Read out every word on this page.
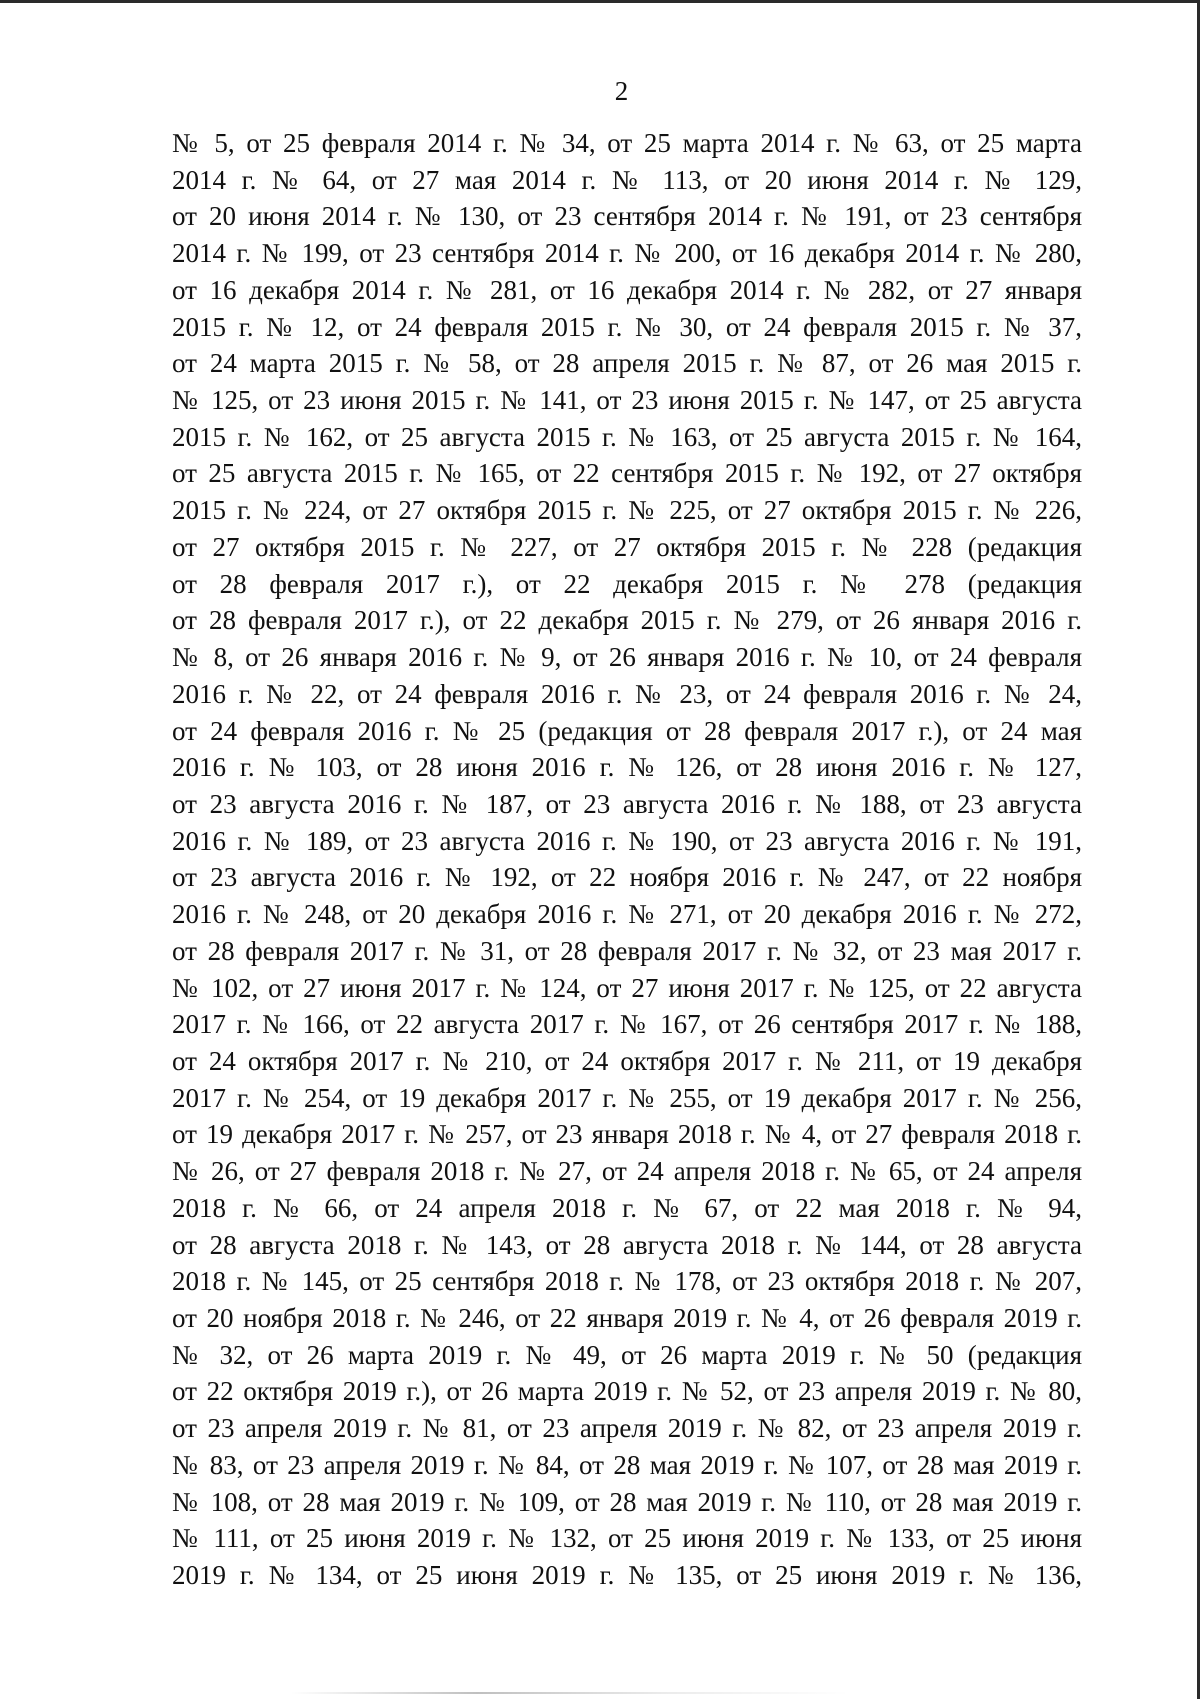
2
№ 5, от 25 февраля 2014 г. № 34, от 25 марта 2014 г. № 63, от 25 марта
2014 г. № 64, от 27 мая 2014 г. № 113, от 20 июня 2014 г. № 129,
от 20 июня 2014 г. № 130, от 23 сентября 2014 г. № 191, от 23 сентября
2014 г. № 199, от 23 сентября 2014 г. № 200, от 16 декабря 2014 г. № 280,
от 16 декабря 2014 г. № 281, от 16 декабря 2014 г. № 282, от 27 января
2015 г. № 12, от 24 февраля 2015 г. № 30, от 24 февраля 2015 г. № 37,
от 24 марта 2015 г. № 58, от 28 апреля 2015 г. № 87, от 26 мая 2015 г.
№ 125, от 23 июня 2015 г. № 141, от 23 июня 2015 г. № 147, от 25 августа
2015 г. № 162, от 25 августа 2015 г. № 163, от 25 августа 2015 г. № 164,
от 25 августа 2015 г. № 165, от 22 сентября 2015 г. № 192, от 27 октября
2015 г. № 224, от 27 октября 2015 г. № 225, от 27 октября 2015 г. № 226,
от 27 октября 2015 г. № 227, от 27 октября 2015 г. № 228 (редакция
от 28 февраля 2017 г.), от 22 декабря 2015 г. № 278 (редакция
от 28 февраля 2017 г.), от 22 декабря 2015 г. № 279, от 26 января 2016 г.
№ 8, от 26 января 2016 г. № 9, от 26 января 2016 г. № 10, от 24 февраля
2016 г. № 22, от 24 февраля 2016 г. № 23, от 24 февраля 2016 г. № 24,
от 24 февраля 2016 г. № 25 (редакция от 28 февраля 2017 г.), от 24 мая
2016 г. № 103, от 28 июня 2016 г. № 126, от 28 июня 2016 г. № 127,
от 23 августа 2016 г. № 187, от 23 августа 2016 г. № 188, от 23 августа
2016 г. № 189, от 23 августа 2016 г. № 190, от 23 августа 2016 г. № 191,
от 23 августа 2016 г. № 192, от 22 ноября 2016 г. № 247, от 22 ноября
2016 г. № 248, от 20 декабря 2016 г. № 271, от 20 декабря 2016 г. № 272,
от 28 февраля 2017 г. № 31, от 28 февраля 2017 г. № 32, от 23 мая 2017 г.
№ 102, от 27 июня 2017 г. № 124, от 27 июня 2017 г. № 125, от 22 августа
2017 г. № 166, от 22 августа 2017 г. № 167, от 26 сентября 2017 г. № 188,
от 24 октября 2017 г. № 210, от 24 октября 2017 г. № 211, от 19 декабря
2017 г. № 254, от 19 декабря 2017 г. № 255, от 19 декабря 2017 г. № 256,
от 19 декабря 2017 г. № 257, от 23 января 2018 г. № 4, от 27 февраля 2018 г.
№ 26, от 27 февраля 2018 г. № 27, от 24 апреля 2018 г. № 65, от 24 апреля
2018 г. № 66, от 24 апреля 2018 г. № 67, от 22 мая 2018 г. № 94,
от 28 августа 2018 г. № 143, от 28 августа 2018 г. № 144, от 28 августа
2018 г. № 145, от 25 сентября 2018 г. № 178, от 23 октября 2018 г. № 207,
от 20 ноября 2018 г. № 246, от 22 января 2019 г. № 4, от 26 февраля 2019 г.
№ 32, от 26 марта 2019 г. № 49, от 26 марта 2019 г. № 50 (редакция
от 22 октября 2019 г.), от 26 марта 2019 г. № 52, от 23 апреля 2019 г. № 80,
от 23 апреля 2019 г. № 81, от 23 апреля 2019 г. № 82, от 23 апреля 2019 г.
№ 83, от 23 апреля 2019 г. № 84, от 28 мая 2019 г. № 107, от 28 мая 2019 г.
№ 108, от 28 мая 2019 г. № 109, от 28 мая 2019 г. № 110, от 28 мая 2019 г.
№ 111, от 25 июня 2019 г. № 132, от 25 июня 2019 г. № 133, от 25 июня
2019 г. № 134, от 25 июня 2019 г. № 135, от 25 июня 2019 г. № 136,
